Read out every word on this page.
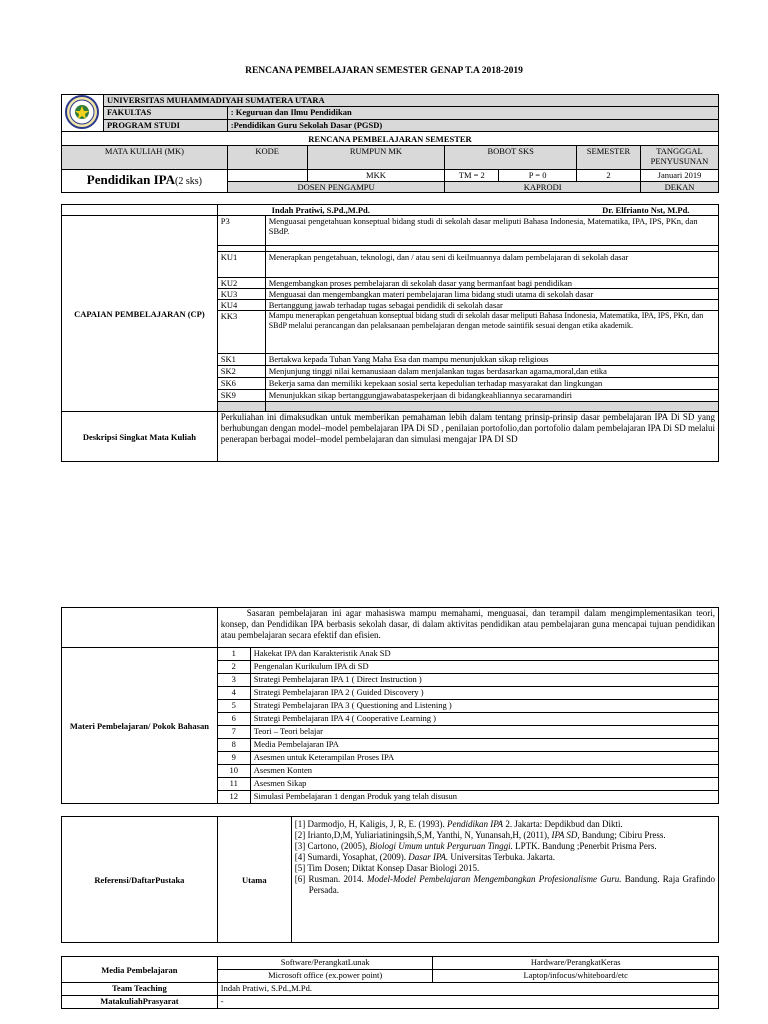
RENCANA PEMBELAJARAN SEMESTER GENAP T.A 2018-2019
	UNIVERSITAS MUHAMMADIYAH SUMATERA UTARA						
	FAKULTAS	: Keguruan dan Ilmu Pendidikan					
	PROGRAM STUDI	:Pendidikan Guru Sekolah Dasar (PGSD)					
RENCANA PEMBELAJARAN SEMESTER							
MATA KULIAH (MK)		KODE	RUMPUN MK	BOBOT SKS		SEMESTER	TANGGGAL PENYUSUNAN
Pendidikan IPA(2 sks)			MKK	TM = 2	P = 0	2	Januari 2019
		DOSEN PENGAMPU		KAPRODI			DEKAN
	Indah Pratiwi, S.Pd.,M.Pd. Dr. Elfrianto Nst, M.Pd.	
CAPAIAN PEMBELAJARAN (CP)	P3	Menguasai pengetahuan konseptual bidang studi di sekolah dasar meliputi Bahasa Indonesia, Matematika, IPA, IPS, PKn, dan SBdP.

	KU1	Menerapkan pengetahuan, teknologi, dan / atau seni di keilmuannya dalam pembelajaran di sekolah dasar
	KU2	Mengembangkan proses pembelajaran di sekolah dasar yang bermanfaat bagi pendidikan
	KU3	Menguasai dan mengembangkan materi pembelajaran lima bidang studi utama di sekolah dasar
	KU4	Bertanggung jawab terhadap tugas sebagai pendidik di sekolah dasar
	KK3	Mampu menerapkan pengetahuan konseptual bidang studi di sekolah dasar meliputi Bahasa Indonesia, Matematika, IPA, IPS, PKn, dan SBdP melalui perancangan dan pelaksanaan pembelajaran dengan metode saintifik sesuai dengan etika akademik.
	SK1	Bertakwa kepada Tuhan Yang Maha Esa dan mampu menunjukkan sikap religious
	SK2	Menjunjung tinggi nilai kemanusiaan dalam menjalankan tugas berdasarkan agama,moral,dan etika
	SK6	Bekerja sama dan memiliki kepekaan sosial serta kepedulian terhadap masyarakat dan lingkungan
	SK9	Menunjukkan sikap bertanggungjawabataspekerjaan di bidangkeahliannya secaramandiri

Deskripsi Singkat Mata Kuliah	Perkuliahan ini dimaksudkan untuk memberikan pemahaman lebih dalam tentang prinsip-prinsip dasar pembelajaran IPA Di SD yang berhubungan dengan model–model pembelajaran IPA Di SD , penilaian portofolio,dan portofolio dalam pembelajaran IPA Di SD melalui penerapan berbagai model–model pembelajaran dan simulasi mengajar IPA DI SD	
	Sasaran pembelajaran ini agar mahasiswa mampu memahami, menguasai, dan terampil dalam mengimplementasikan teori, konsep, dan Pendidikan IPA berbasis sekolah dasar, di dalam aktivitas pendidikan atau pembelajaran guna mencapai tujuan pendidikan atau pembelajaran secara efektif dan efisien.	
Materi Pembelajaran/ Pokok Bahasan	1	Hakekat IPA dan Karakteristik Anak SD
	2	Pengenalan Kurikulum IPA di SD
	3	Strategi Pembelajaran IPA 1 ( Direct Instruction )
	4	Strategi Pembelajaran IPA 2 ( Guided Discovery )
	5	Strategi Pembelajaran IPA 3 ( Questioning and Listening )
	6	Strategi Pembelajaran IPA 4 ( Cooperative Learning )
	7	Teori – Teori belajar
	8	Media Pembelajaran IPA
	9	Asesmen untuk Keterampilan Proses IPA
	10	Asesmen Konten
	11	Asesmen Sikap
	12	Simulasi Pembelajaran 1 dengan Produk yang telah disusun
Referensi/DaftarPustaka	Utama	

[1] Darmodjo, H, Kaligis, J, R, E. (1993). Pendidikan IPA 2. Jakarta: Depdikbud dan Dikti.

[2] Irianto,D,M, Yuliariatiningsih,S,M, Yanthi, N, Yunansah,H, (2011), IPA SD, Bandung; Cibiru Press.

[3] Cartono, (2005), Biologi Umum untuk Perguruan Tinggi. LPTK. Bandung ;Penerbit Prisma Pers.

[4] Sumardi, Yosaphat, (2009). Dasar IPA. Universitas Terbuka. Jakarta.

[5] Tim Dosen; Diktat Konsep Dasar Biologi 2015.

[6] Rusman. 2014. Model-Model Pembelajaran Mengembangkan Profesionalisme Guru. Bandung. Raja Grafindo Persada.

Media Pembelajaran	Software/PerangkatLunak	Hardware/PerangkatKeras
	Microsoft office (ex.power point)	Laptop/infocus/whiteboard/etc
Team Teaching	Indah Pratiwi, S.Pd.,M.Pd.	
MatakuliahPrasyarat	-	
